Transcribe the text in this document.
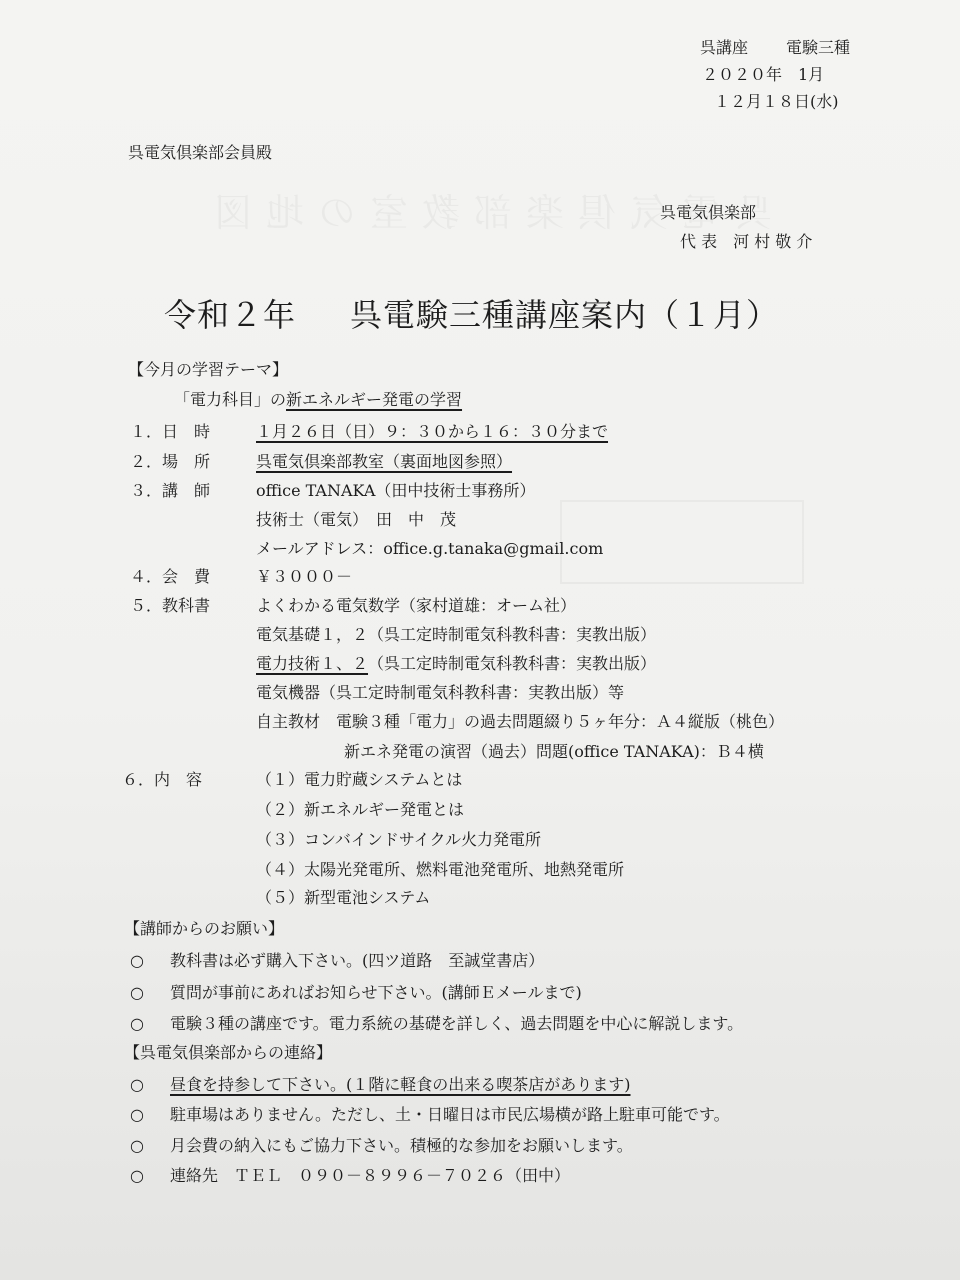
呉講座 電験三種
２０２０年　1月
１２月１８日(水)
呉電気倶楽部会員殿
呉電気倶楽部
代 表　河 村 敬 介
令和２年 呉電験三種講座案内（１月）
【今月の学習テーマ】
「電力科目」の新エネルギー発電の学習
１．日　時	１月２６日（日）９：３０から１６：３０分まで
２．場　所	呉電気倶楽部教室（裏面地図参照）
３．講　師	office TANAKA（田中技術士事務所）
技術士（電気）　田　中　茂
メールアドレス：office.g.tanaka@gmail.com
４．会　費	￥３０００－
５．教科書	よくわかる電気数学（家村道雄：オーム社）
電気基礎１，２（呉工定時制電気科教科書：実教出版）
電力技術１、２（呉工定時制電気科教科書：実教出版）
電気機器（呉工定時制電気科教科書：実教出版）等
自主教材　電験３種「電力」の過去問題綴り５ヶ年分：Ａ４縦版（桃色）
新エネ発電の演習（過去）問題(office TANAKA)：Ｂ４横
６．内　容	（１）電力貯蔵システムとは
（２）新エネルギー発電とは
（３）コンバインドサイクル火力発電所
（４）太陽光発電所、燃料電池発電所、地熱発電所
（５）新型電池システム
【講師からのお願い】
○ 教科書は必ず購入下さい。(四ツ道路　至誠堂書店）
○ 質問が事前にあればお知らせ下さい。(講師Ｅメールまで)
○ 電験３種の講座です。電力系統の基礎を詳しく、過去問題を中心に解説します。
【呉電気倶楽部からの連絡】
○ 昼食を持参して下さい。(１階に軽食の出来る喫茶店があります)
○ 駐車場はありません。ただし、土・日曜日は市民広場横が路上駐車可能です。
○ 月会費の納入にもご協力下さい。積極的な参加をお願いします。
○ 連絡先　ＴＥＬ　０９０－８９９６－７０２６（田中）
